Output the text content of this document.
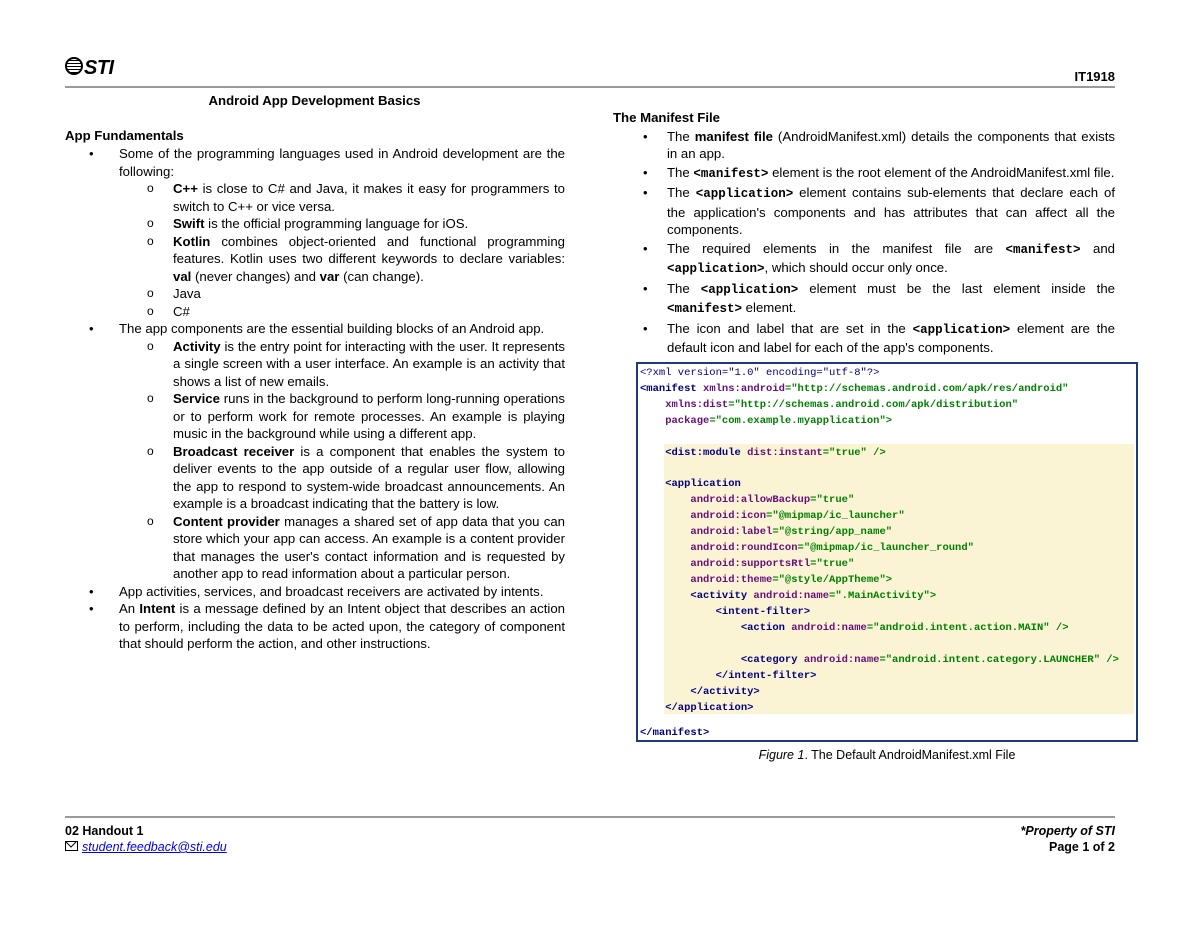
STI	IT1918
Android App Development Basics
App Fundamentals
• Some of the programming languages used in Android development are the following:
o C++ is close to C# and Java, it makes it easy for programmers to switch to C++ or vice versa.
o Swift is the official programming language for iOS.
o Kotlin combines object-oriented and functional programming features. Kotlin uses two different keywords to declare variables: val (never changes) and var (can change).
o Java
o C#
• The app components are the essential building blocks of an Android app.
o Activity is the entry point for interacting with the user. It represents a single screen with a user interface. An example is an activity that shows a list of new emails.
o Service runs in the background to perform long-running operations or to perform work for remote processes. An example is playing music in the background while using a different app.
o Broadcast receiver is a component that enables the system to deliver events to the app outside of a regular user flow, allowing the app to respond to system-wide broadcast announcements. An example is a broadcast indicating that the battery is low.
o Content provider manages a shared set of app data that you can store which your app can access. An example is a content provider that manages the user's contact information and is requested by another app to read information about a particular person.
• App activities, services, and broadcast receivers are activated by intents.
• An Intent is a message defined by an Intent object that describes an action to perform, including the data to be acted upon, the category of component that should perform the action, and other instructions.
The Manifest File
• The manifest file (AndroidManifest.xml) details the components that exists in an app.
• The <manifest> element is the root element of the AndroidManifest.xml file.
• The <application> element contains sub-elements that declare each of the application's components and has attributes that can affect all the components.
• The required elements in the manifest file are <manifest> and <application>, which should occur only once.
• The <application> element must be the last element inside the <manifest> element.
• The icon and label that are set in the <application> element are the default icon and label for each of the app's components.
<?xml version="1.0" encoding="utf-8"?>
<manifest xmlns:android="http://schemas.android.com/apk/res/android"
xmlns:dist="http://schemas.android.com/apk/distribution"
package="com.example.myapplication">
<dist:module dist:instant="true" />
<application
android:allowBackup="true"
android:icon="@mipmap/ic_launcher"
android:label="@string/app_name"
android:roundIcon="@mipmap/ic_launcher_round"
android:supportsRtl="true"
android:theme="@style/AppTheme">
<activity android:name=".MainActivity">
<intent-filter>
<action android:name="android.intent.action.MAIN" />
<category android:name="android.intent.category.LAUNCHER" />
</intent-filter>
</activity>
</application>
</manifest>
Figure 1. The Default AndroidManifest.xml File
02 Handout 1
student.feedback@sti.edu
*Property of STI
Page 1 of 2
